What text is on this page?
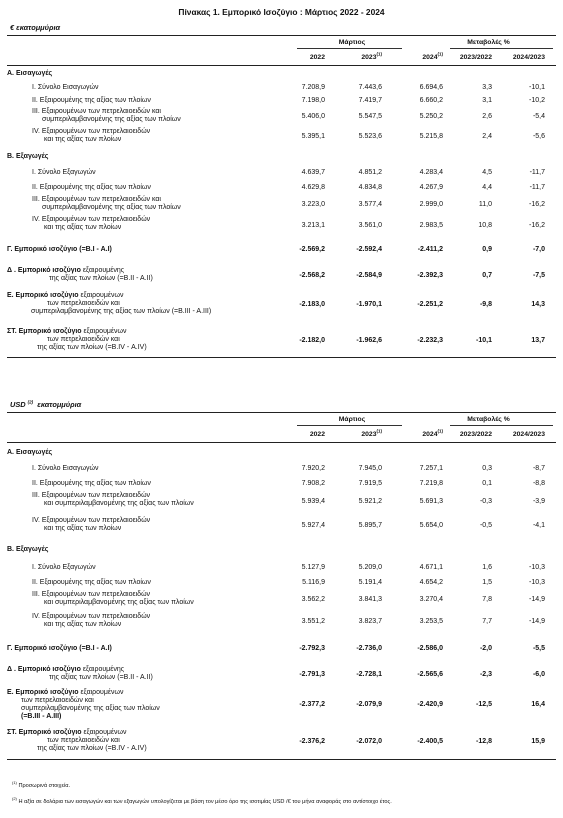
Πίνακας 1. Εμπορικό Ισοζύγιο : Μάρτιος 2022 - 2024
€ εκατομμύρια
Μάρτιος	Μεταβολές %
2022	2023$^{(1)}$	2024$^{(1)}$	2023/2022	2024/2023
Α. Εισαγωγές
Ι. Σύνολο Εισαγωγών	7.208,9	7.443,6	6.694,6	3,3	-10,1
ΙΙ. Εξαιρουμένης της αξίας των πλοίων	7.198,0	7.419,7	6.660,2	3,1	-10,2
ΙΙΙ. Εξαιρουμένων των πετρελαιοειδών και
συμπεριλαμβανομένης της αξίας των πλοίων	5.406,0	5.547,5	5.250,2	2,6	-5,4
ΙV. Εξαιρουμένων των πετρελαιοειδών
και της αξίας των πλοίων	5.395,1	5.523,6	5.215,8	2,4	-5,6
Β. Εξαγωγές
Ι. Σύνολο Εξαγωγών	4.639,7	4.851,2	4.283,4	4,5	-11,7
ΙΙ. Εξαιρουμένης της αξίας των πλοίων	4.629,8	4.834,8	4.267,9	4,4	-11,7
ΙΙΙ. Εξαιρουμένων των πετρελαιοειδών και
συμπεριλαμβανομένης της αξίας των πλοίων	3.223,0	3.577,4	2.999,0	11,0	-16,2
ΙV. Εξαιρουμένων των πετρελαιοειδών
και της αξίας των πλοίων	3.213,1	3.561,0	2.983,5	10,8	-16,2
Γ. Εμπορικό ισοζύγιο (=Β.Ι - Α.Ι)	-2.569,2	-2.592,4	-2.411,2	0,9	-7,0
Δ . Εμπορικό ισοζύγιο εξαιρουμένης
της αξίας των πλοίων (=Β.ΙΙ - Α.ΙΙ)	-2.568,2	-2.584,9	-2.392,3	0,7	-7,5
Ε. Εμπορικό ισοζύγιο εξαιρουμένων
των πετρελαιοειδών και
συμπεριλαμβανομένης της αξίας των πλοίων (=Β.ΙΙΙ - Α.ΙΙΙ)
-2.183,0	-1.970,1	-2.251,2	-9,8	14,3
ΣΤ. Εμπορικό ισοζύγιο εξαιρουμένων
των πετρελαιοειδών και
της αξίας των πλοίων (=Β.ΙV - Α.ΙV)
-2.182,0	-1.962,6	-2.232,3	-10,1	13,7
USD $^{(2)}$ εκατομμύρια
Μάρτιος	Μεταβολές %
2022	2023$^{(1)}$	2024$^{(1)}$	2023/2022	2024/2023
Α. Εισαγωγές
Ι. Σύνολο Εισαγωγών	7.920,2	7.945,0	7.257,1	0,3	-8,7
ΙΙ. Εξαιρουμένης της αξίας των πλοίων	7.908,2	7.919,5	7.219,8	0,1	-8,8
ΙΙΙ. Εξαιρουμένων των πετρελαιοειδών
και συμπεριλαμβανομένης της αξίας των πλοίων	5.939,4	5.921,2	5.691,3	-0,3	-3,9
ΙV. Εξαιρουμένων των πετρελαιοειδών
και της αξίας των πλοίων	5.927,4	5.895,7	5.654,0	-0,5	-4,1
Β. Εξαγωγές
Ι. Σύνολο Εξαγωγών	5.127,9	5.209,0	4.671,1	1,6	-10,3
ΙΙ. Εξαιρουμένης της αξίας των πλοίων	5.116,9	5.191,4	4.654,2	1,5	-10,3
ΙΙΙ. Εξαιρουμένων των πετρελαιοειδών
και συμπεριλαμβανομένης της αξίας των πλοίων	3.562,2	3.841,3	3.270,4	7,8	-14,9
ΙV. Εξαιρουμένων των πετρελαιοειδών
και της αξίας των πλοίων	3.551,2	3.823,7	3.253,5	7,7	-14,9
Γ. Εμπορικό ισοζύγιο (=Β.Ι - Α.Ι)	-2.792,3	-2.736,0	-2.586,0	-2,0	-5,5
Δ . Εμπορικό ισοζύγιο εξαιρουμένης
της αξίας των πλοίων (=Β.ΙΙ - Α.ΙΙ)	-2.791,3	-2.728,1	-2.565,6	-2,3	-6,0
Ε. Εμπορικό ισοζύγιο εξαιρουμένων
των πετρελαιοειδών και
συμπεριλαμβανομένης της αξίας των πλοίων
(=Β.ΙΙΙ - Α.ΙΙΙ)
-2.377,2	-2.079,9	-2.420,9	-12,5	16,4
ΣΤ. Εμπορικό ισοζύγιο εξαιρουμένων
των πετρελαιοειδών και
της αξίας των πλοίων (=Β.ΙV - Α.ΙV)
-2.376,2	-2.072,0	-2.400,5	-12,8	15,9
$^{(1)}$ Προσωρινά στοιχεία.
$^{(2)}$ Η αξία σε δολάρια των εισαγωγών και των εξαγωγών υπολογίζεται με βάση τον μέσο όρο της ισοτιμίας USD /€ του μήνα αναφοράς στο αντίστοιχο έτος.
